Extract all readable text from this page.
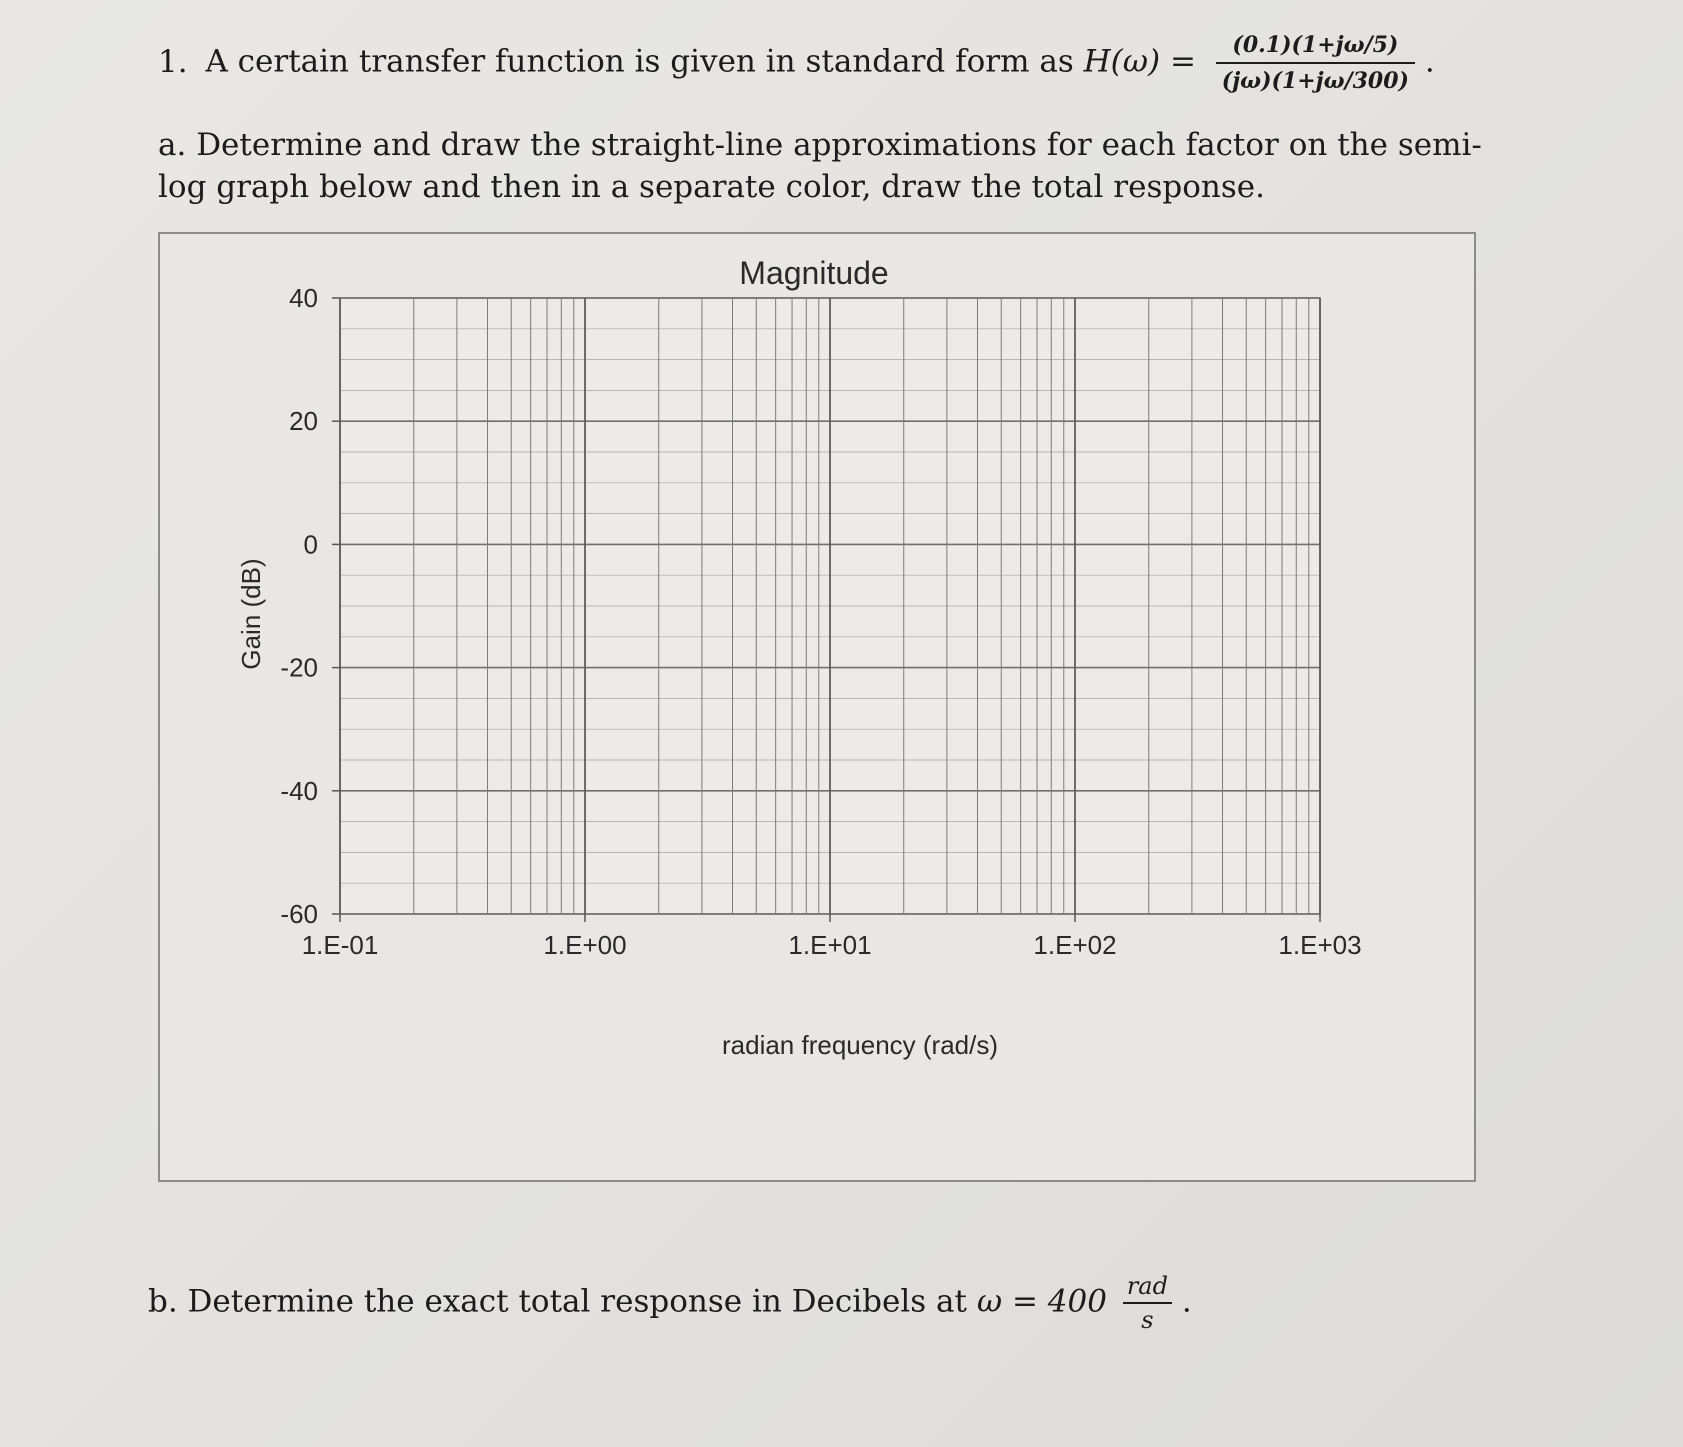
1. A certain transfer function is given in standard form as $H(\omega) = \frac{(0.1)(1+j\omega/5)}{(j\omega)(1+j\omega/300)}$ .
a. Determine and draw the straight-line approximations for each factor on the semi-log graph below and then in a separate color, draw the total response.
Magnitude
Gain (dB)
radian frequency (rad/s)
40
20
0
-20
-40
-60
1.E-01	1.E+00	1.E+01	1.E+02	1.E+03
b. Determine the exact total response in Decibels at ω = 400 rad
s
.
